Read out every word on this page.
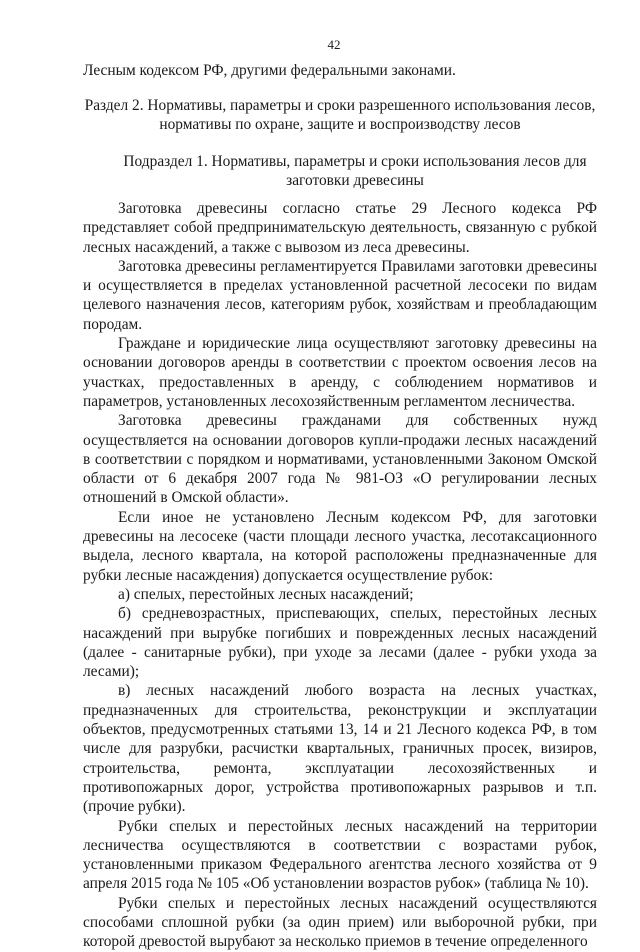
42
Лесным кодексом РФ, другими федеральными законами.
Раздел 2. Нормативы, параметры и сроки разрешенного использования лесов,
нормативы по охране, защите и воспроизводству лесов
Подраздел 1. Нормативы, параметры и сроки использования лесов для
заготовки древесины

Заготовка древесины согласно статье 29 Лесного кодекса РФ представляет собой предпринимательскую деятельность, связанную с рубкой лесных насаждений, а также с вывозом из леса древесины.

Заготовка древесины регламентируется Правилами заготовки древесины и осуществляется в пределах установленной расчетной лесосеки по видам целевого назначения лесов, категориям рубок, хозяйствам и преобладающим породам.

Граждане и юридические лица осуществляют заготовку древесины на основании договоров аренды в соответствии с проектом освоения лесов на участках, предоставленных в аренду, с соблюдением нормативов и параметров, установленных лесохозяйственным регламентом лесничества.

Заготовка древесины гражданами для собственных нужд осуществляется на основании договоров купли-продажи лесных насаждений в соответствии с порядком и нормативами, установленными Законом Омской области от 6 декабря 2007 года № 981-ОЗ «О регулировании лесных отношений в Омской области».

Если иное не установлено Лесным кодексом РФ, для заготовки древесины на лесосеке (части площади лесного участка, лесотаксационного выдела, лесного квартала, на которой расположены предназначенные для рубки лесные насаждения) допускается осуществление рубок:

а) спелых, перестойных лесных насаждений;

б) средневозрастных, приспевающих, спелых, перестойных лесных насаждений при вырубке погибших и поврежденных лесных насаждений (далее - санитарные рубки), при уходе за лесами (далее - рубки ухода за лесами);

в) лесных насаждений любого возраста на лесных участках, предназначенных для строительства, реконструкции и эксплуатации объектов, предусмотренных статьями 13, 14 и 21 Лесного кодекса РФ, в том числе для разрубки, расчистки квартальных, граничных просек, визиров, строительства, ремонта, эксплуатации лесохозяйственных и противопожарных дорог, устройства противопожарных разрывов и т.п. (прочие рубки).

Рубки спелых и перестойных лесных насаждений на территории лесничества осуществляются в соответствии с возрастами рубок, установленными приказом Федерального агентства лесного хозяйства от 9 апреля 2015 года № 105 «Об установлении возрастов рубок» (таблица № 10).

Рубки спелых и перестойных лесных насаждений осуществляются способами сплошной рубки (за один прием) или выборочной рубки, при которой древостой вырубают за несколько приемов в течение определенного
